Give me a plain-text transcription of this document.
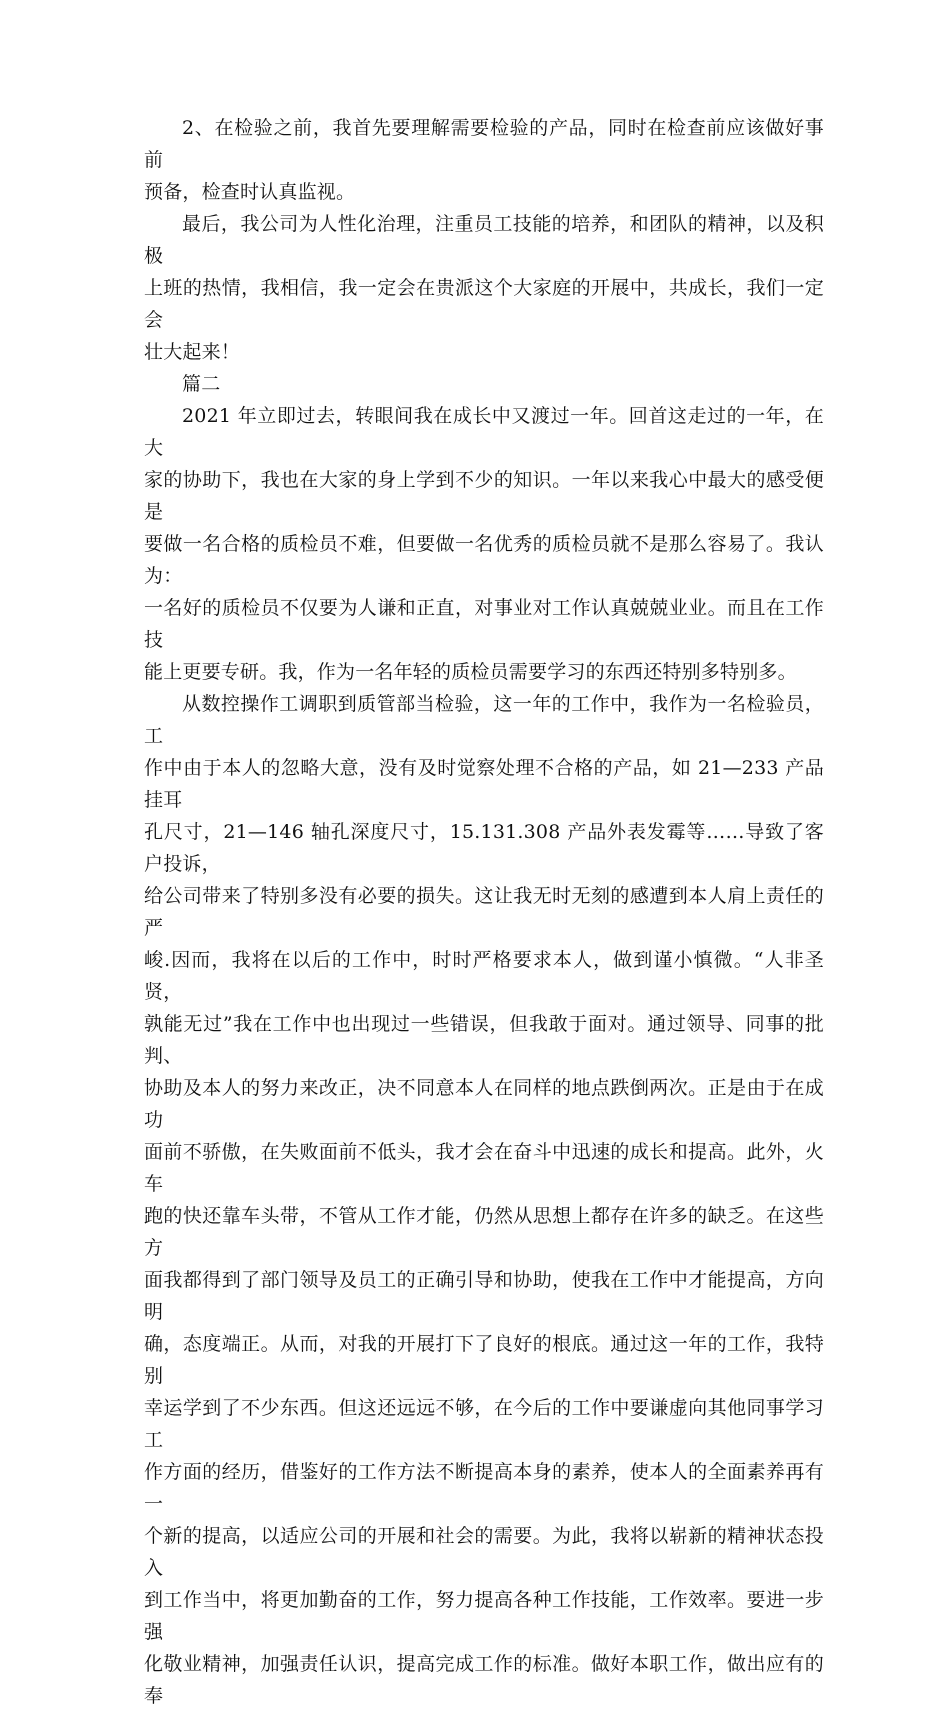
2、在检验之前，我首先要理解需要检验的产品，同时在检查前应该做好事前
预备，检查时认真监视。

最后，我公司为人性化治理，注重员工技能的培养，和团队的精神，以及积极
上班的热情，我相信，我一定会在贵派这个大家庭的开展中，共成长，我们一定会
壮大起来！

篇二

2021 年立即过去，转眼间我在成长中又渡过一年。回首这走过的一年，在大
家的协助下，我也在大家的身上学到不少的知识。一年以来我心中最大的感受便是
要做一名合格的质检员不难，但要做一名优秀的质检员就不是那么容易了。我认为：
一名好的质检员不仅要为人谦和正直，对事业对工作认真兢兢业业。而且在工作技
能上更要专研。我，作为一名年轻的质检员需要学习的东西还特别多特别多。

从数控操作工调职到质管部当检验，这一年的工作中，我作为一名检验员，工
作中由于本人的忽略大意，没有及时觉察处理不合格的产品，如 21—233 产品挂耳
孔尺寸，21—146 轴孔深度尺寸，15.131.308 产品外表发霉等……导致了客户投诉，
给公司带来了特别多没有必要的损失。这让我无时无刻的感遭到本人肩上责任的严
峻.因而，我将在以后的工作中，时时严格要求本人，做到谨小慎微。“人非圣贤，
孰能无过”我在工作中也出现过一些错误，但我敢于面对。通过领导、同事的批判、
协助及本人的努力来改正，决不同意本人在同样的地点跌倒两次。正是由于在成功
面前不骄傲，在失败面前不低头，我才会在奋斗中迅速的成长和提高。此外，火车
跑的快还靠车头带，不管从工作才能，仍然从思想上都存在许多的缺乏。在这些方
面我都得到了部门领导及员工的正确引导和协助，使我在工作中才能提高，方向明
确，态度端正。从而，对我的开展打下了良好的根底。通过这一年的工作，我特别
幸运学到了不少东西。但这还远远不够，在今后的工作中要谦虚向其他同事学习工
作方面的经历，借鉴好的工作方法不断提高本身的素养，使本人的全面素养再有一
个新的提高，以适应公司的开展和社会的需要。为此，我将以崭新的精神状态投入
到工作当中，将更加勤奋的工作，努力提高各种工作技能，工作效率。要进一步强
化敬业精神，加强责任认识，提高完成工作的标准。做好本职工作，做出应有的奉
